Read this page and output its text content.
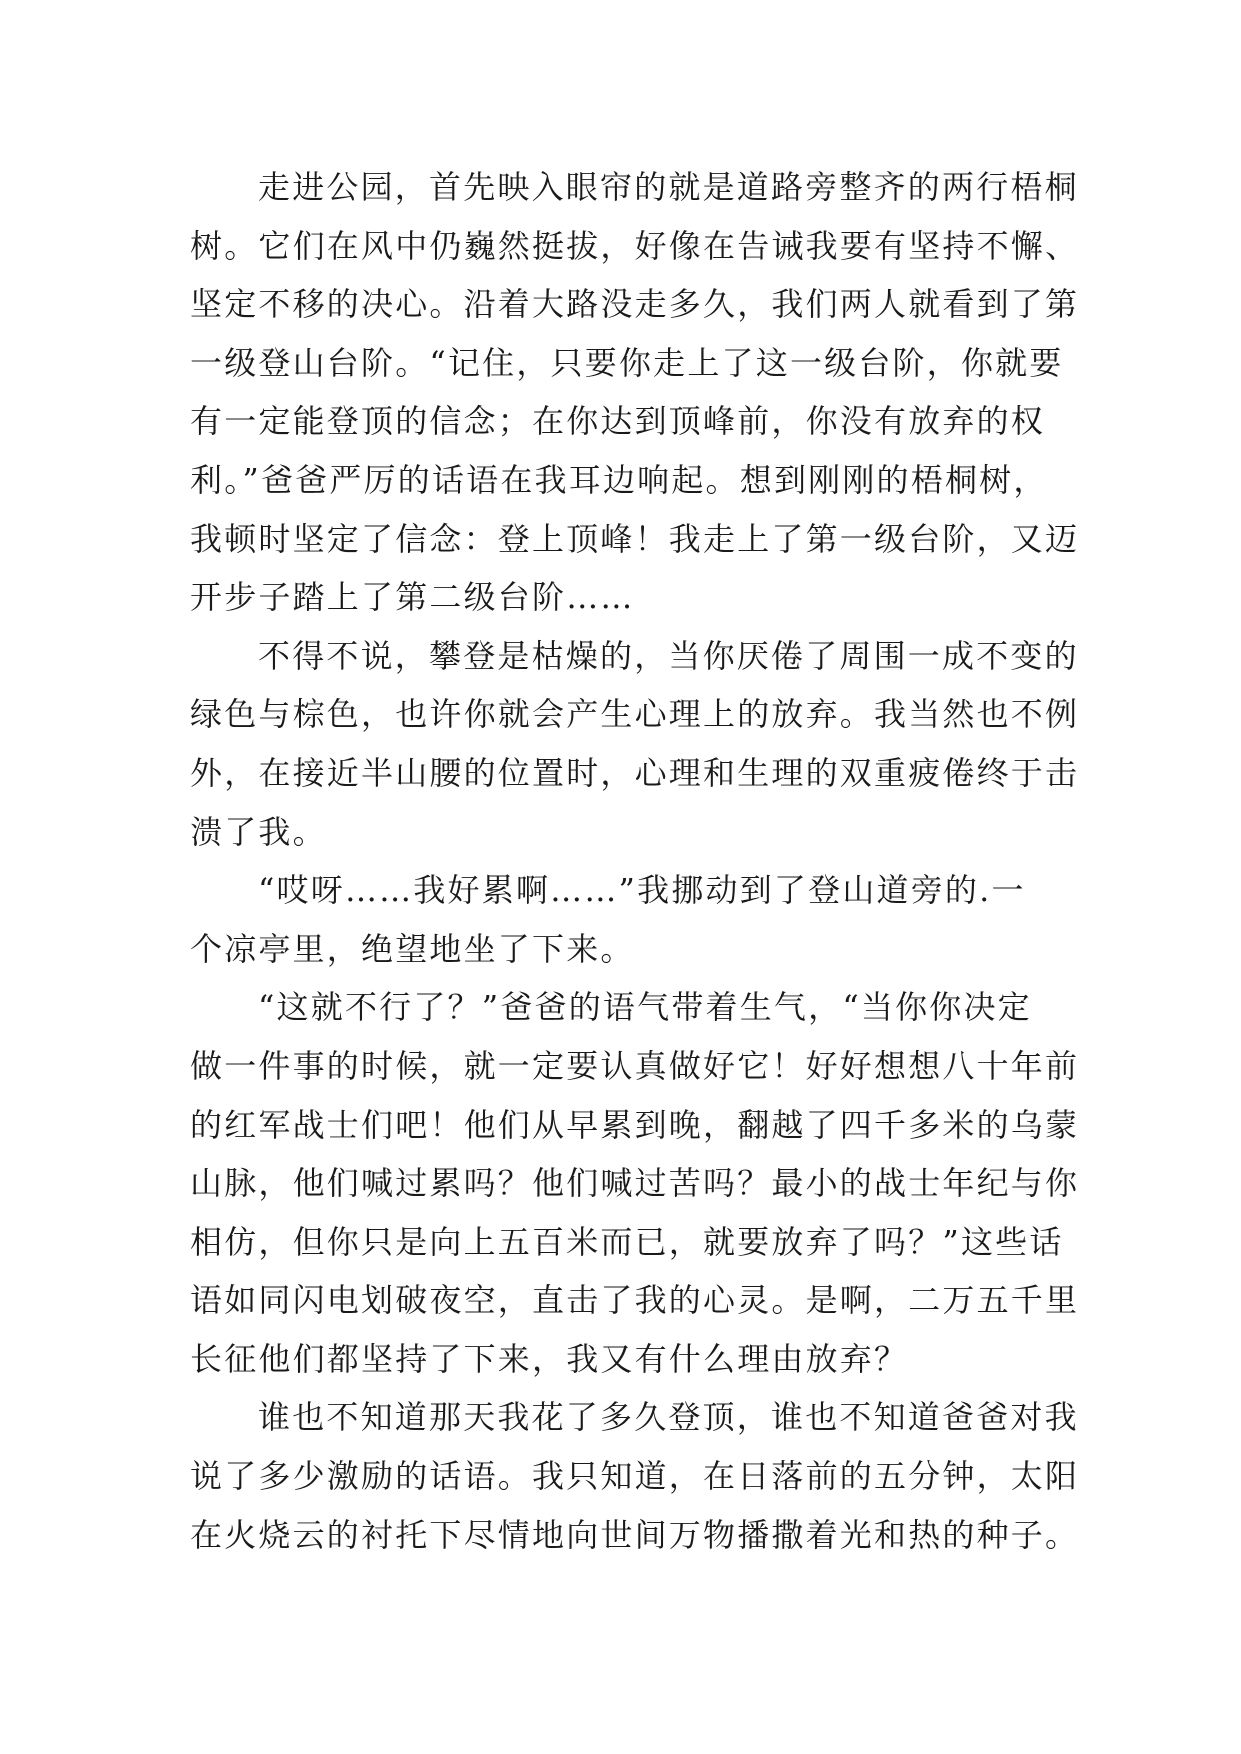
走进公园，首先映入眼帘的就是道路旁整齐的两行梧桐
树。它们在风中仍巍然挺拔，好像在告诫我要有坚持不懈、
坚定不移的决心。沿着大路没走多久，我们两人就看到了第
一级登山台阶。“记住，只要你走上了这一级台阶，你就要
有一定能登顶的信念；在你达到顶峰前，你没有放弃的权
利。”爸爸严厉的话语在我耳边响起。想到刚刚的梧桐树，
我顿时坚定了信念：登上顶峰！我走上了第一级台阶，又迈
开步子踏上了第二级台阶……

不得不说，攀登是枯燥的，当你厌倦了周围一成不变的
绿色与棕色，也许你就会产生心理上的放弃。我当然也不例
外，在接近半山腰的位置时，心理和生理的双重疲倦终于击
溃了我。

“哎呀……我好累啊……”我挪动到了登山道旁的.一
个凉亭里，绝望地坐了下来。

“这就不行了？”爸爸的语气带着生气，“当你你决定
做一件事的时候，就一定要认真做好它！好好想想八十年前
的红军战士们吧！他们从早累到晚，翻越了四千多米的乌蒙
山脉，他们喊过累吗？他们喊过苦吗？最小的战士年纪与你
相仿，但你只是向上五百米而已，就要放弃了吗？”这些话
语如同闪电划破夜空，直击了我的心灵。是啊，二万五千里
长征他们都坚持了下来，我又有什么理由放弃？

谁也不知道那天我花了多久登顶，谁也不知道爸爸对我
说了多少激励的话语。我只知道，在日落前的五分钟，太阳
在火烧云的衬托下尽情地向世间万物播撒着光和热的种子。
